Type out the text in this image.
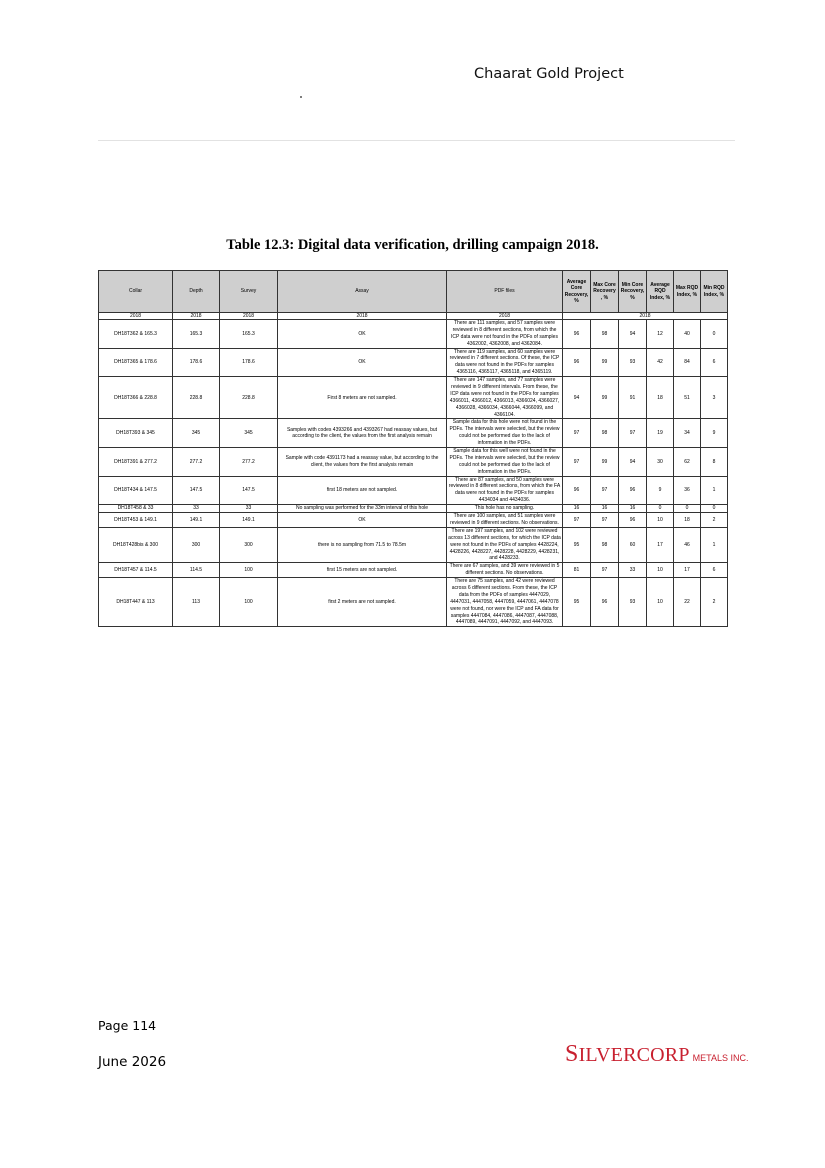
Chaarat Gold Project
Table 12.3: Digital data verification, drilling campaign 2018.
Collar	Depth	Survey	Assay	PDF files	Average Core Recovery, %	Max Core Recovery , %	Min Core Recovery, %	Average RQD Index, %	Max RQD Index, %	Min RQD Index, %
2018	2018	2018	2018	2018	2018					
DH18T362 & 165.3	165.3	165.3	OK	There are 111 samples, and 57 samples were reviewed in 8 different sections, from which the ICP data were not found in the PDFs of samples 4362002, 4362008, and 4362084.	96	98	94	12	40	0
DH18T365 & 178.6	178.6	178.6	OK	There are 119 samples, and 60 samples were reviewed in 7 different sections. Of these, the ICP data were not found in the PDFs for samples 4365116, 4365117, 4365118, and 4365119.	96	99	93	42	84	6
DH18T366 & 228.8	228.8	228.8	First 8 meters are not sampled.	There are 147 samples, and 77 samples were reviewed in 9 different intervals. From these, the ICP data were not found in the PDFs for samples 4366011, 4366012, 4366013, 4366024, 4366027, 4366028, 4366034, 4366044, 4366099, and 4366104.	94	99	91	18	51	3
DH18T393 & 345	345	345	Samples with codes 4393266 and 4393267 had reassay values, but according to the client, the values from the first analysis remain	Sample data for this hole were not found in the PDFs. The intervals were selected, but the review could not be performed due to the lack of information in the PDFs.	97	98	97	19	34	9
DH18T391 & 277.2	277.2	277.2	Sample with code 4391173 had a reassay value, but according to the client, the values from the first analysis remain	Sample data for this well were not found in the PDFs. The intervals were selected, but the review could not be performed due to the lack of information in the PDFs.	97	99	94	30	62	8
DH18T434 & 147.5	147.5	147.5	first 18 meters are not sampled.	There are 87 samples, and 50 samples were reviewed in 8 different sections, from which the FA data were not found in the PDFs for samples 4434034 and 4434036.	96	97	96	9	36	1
DH18T458 & 33	33	33	No sampling was performed for the 33m interval of this hole	This hole has no sampling.	16	16	16	0	0	0
DH18T453 & 149.1	149.1	149.1	OK	There are 100 samples, and 51 samples were reviewed in 9 different sections. No observations.	97	97	96	10	18	2
DH18T428bis & 300	300	300	there is no sampling from 71.5 to 78.5m	There are 197 samples, and 102 were reviewed across 13 different sections, for which the ICP data were not found in the PDFs of samples 4428224, 4428226, 4428227, 4428228, 4428229, 4428231, and 4428233.	95	98	60	17	46	1
DH18T457 & 114.5	114.5	100	first 15 meters are not sampled.	There are 67 samples, and 39 were reviewed in 5 different sections. No observations.	81	97	33	10	17	6
DH18T447 & 113	113	100	first 2 meters are not sampled.	There are 75 samples, and 42 were reviewed across 6 different sections. From these, the ICP data from the PDFs of samples 4447029, 4447031, 4447058, 4447059, 4447061, 4447078 were not found, nor were the ICP and FA data for samples 4447084, 4447086, 4447087, 4447088, 4447089, 4447091, 4447092, and 4447093.	95	96	93	10	22	2
Page 114
June 2026	SILVERCORP METALS INC.
